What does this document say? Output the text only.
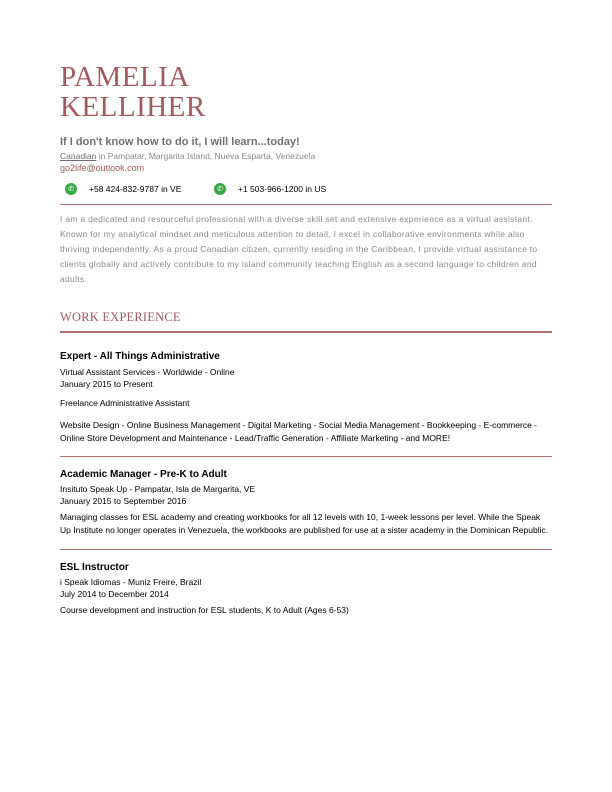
PAMELIA
KELLIHER
If I don't know how to do it, I will learn...today!
Canadian in Pampatar, Margarita Island, Nueva Esparta, Venezuela
go2life@outlook.com
✆	+58 424-832-9787 in VE	✆	+1 503-966-1200 in US
I am a dedicated and resourceful professional with a diverse skill set and extensive experience as a virtual assistant. Known for my analytical mindset and meticulous attention to detail, I excel in collaborative environments while also thriving independently. As a proud Canadian citizen, currently residing in the Caribbean, I provide virtual assistance to clients globally and actively contribute to my island community teaching English as a second language to children and adults.
WORK EXPERIENCE
Expert - All Things Administrative
Virtual Assistant Services - Worldwide - Online
January 2015 to Present
Freelance Administrative Assistant
Website Design - Online Business Management - Digital Marketing - Social Media Management - Bookkeeping - E-commerce - Online Store Development and Maintenance - Lead/Traffic Generation - Affiliate Marketing - and MORE!
Academic Manager - Pre-K to Adult
Insituto Speak Up - Pampatar, Isla de Margarita, VE
January 2015 to September 2016
Managing classes for ESL academy and creating workbooks for all 12 levels with 10, 1-week lessons per level. While the Speak Up Institute no longer operates in Venezuela, the workbooks are published for use at a sister academy in the Dominican Republic.
ESL Instructor
i Speak Idiomas - Muniz Freire, Brazil
July 2014 to December 2014
Course development and instruction for ESL students, K to Adult (Ages 6-53)
